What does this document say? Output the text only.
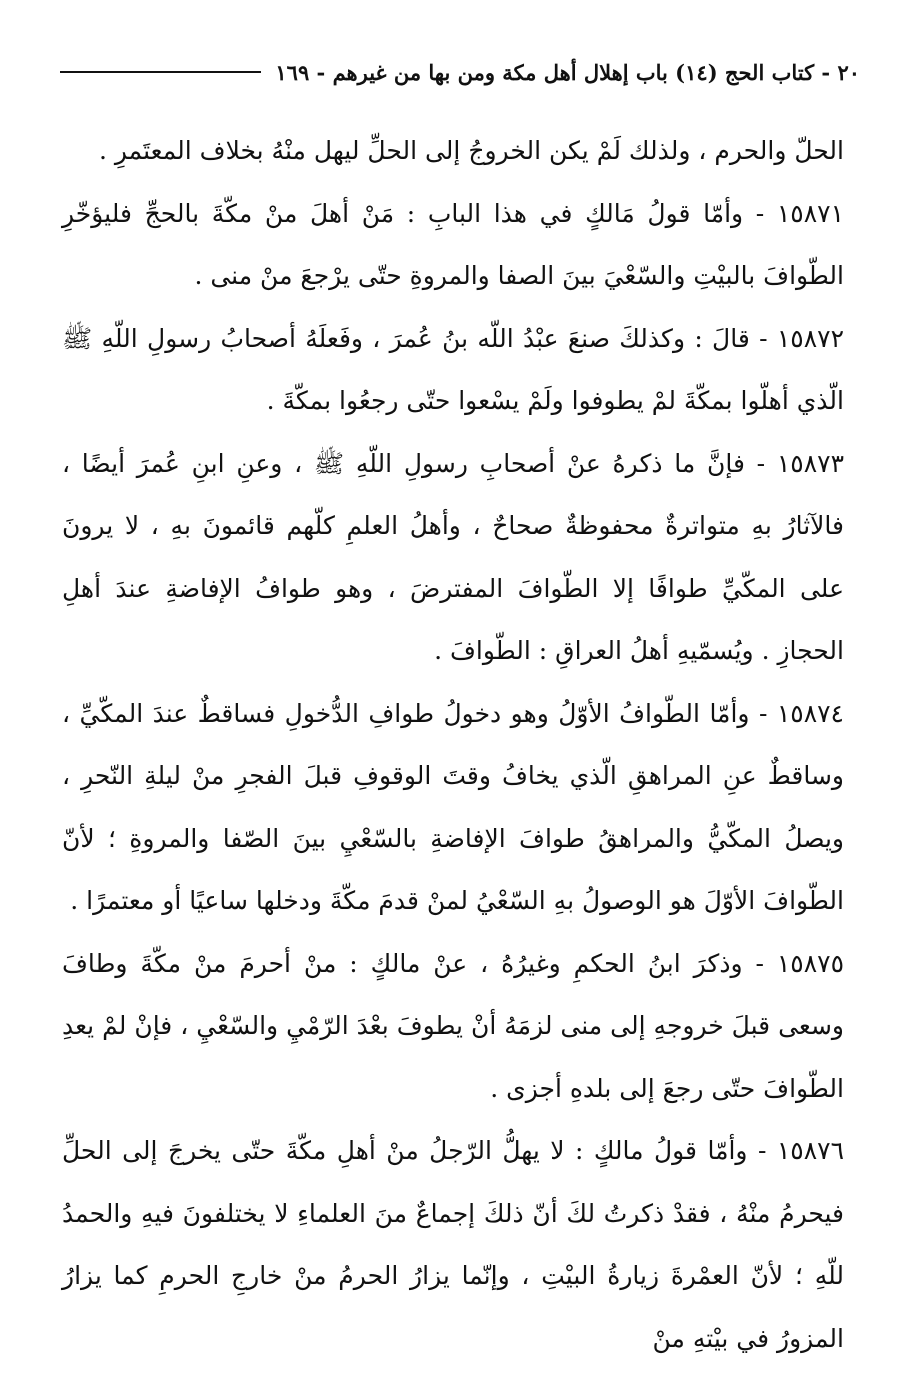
٢٠ - كتاب الحج (١٤) باب إهلال أهل مكة ومن بها من غيرهم - ١٦٩

الحلّ والحرم ، ولذلك لَمْ يكن الخروجُ إلى الحلِّ ليهل منْهُ بخلاف المعتَمرِ .

١٥٨٧١ - وأمّا قولُ مَالكٍ في هذا البابِ : مَنْ أهلَ منْ مكّةَ بالحجِّ فليؤخّرِ الطّوافَ بالبيْتِ والسّعْيَ بينَ الصفا والمروةِ حتّى يرْجعَ منْ منى .

١٥٨٧٢ - قالَ : وكذلكَ صنعَ عبْدُ اللّه بنُ عُمرَ ، وفَعلَهُ أصحابُ رسولِ اللّهِ ﷺ الّذي أهلّوا بمكّةَ لمْ يطوفوا ولَمْ يسْعوا حتّى رجعُوا بمكّةَ .

١٥٨٧٣ - فإنَّ ما ذكرهُ عنْ أصحابِ رسولِ اللّهِ ﷺ ، وعنِ ابنِ عُمرَ أيضًا ، فالآثارُ بهِ متواترةٌ محفوظةٌ صحاحٌ ، وأهلُ العلمِ كلّهم قائمونَ بهِ ، لا يرونَ على المكّيِّ طوافًا إلا الطّوافَ المفترضَ ، وهو طوافُ الإفاضةِ عندَ أهلِ الحجازِ . ويُسمّيهِ أهلُ العراقِ : الطّوافَ .

١٥٨٧٤ - وأمّا الطّوافُ الأوّلُ وهو دخولُ طوافِ الدُّخولِ فساقطٌ عندَ المكّيِّ ، وساقطٌ عنِ المراهقِ الّذي يخافُ وقتَ الوقوفِ قبلَ الفجرِ منْ ليلةِ النّحرِ ، ويصلُ المكّيُّ والمراهقُ طوافَ الإفاضةِ بالسّعْيِ بينَ الصّفا والمروةِ ؛ لأنّ الطّوافَ الأوّلَ هو الوصولُ بهِ السّعْيُ لمنْ قدمَ مكّةَ ودخلها ساعيًا أو معتمرًا .

١٥٨٧٥ - وذكرَ ابنُ الحكمِ وغيرُهُ ، عنْ مالكٍ : منْ أحرمَ منْ مكّةَ وطافَ وسعى قبلَ خروجهِ إلى منى لزمَهُ أنْ يطوفَ بعْدَ الرّمْيِ والسّعْيِ ، فإنْ لمْ يعدِ الطّوافَ حتّى رجعَ إلى بلدهِ أجزى .

١٥٨٧٦ - وأمّا قولُ مالكٍ : لا يهلُّ الرّجلُ منْ أهلِ مكّةَ حتّى يخرجَ إلى الحلِّ فيحرمُ منْهُ ، فقدْ ذكرتُ لكَ أنّ ذلكَ إجماعٌ منَ العلماءِ لا يختلفونَ فيهِ والحمدُ للّهِ ؛ لأنّ العمْرةَ زيارةُ البيْتِ ، وإنّما يزارُ الحرمُ منْ خارجِ الحرمِ كما يزارُ المزورُ في بيْتهِ منْ
